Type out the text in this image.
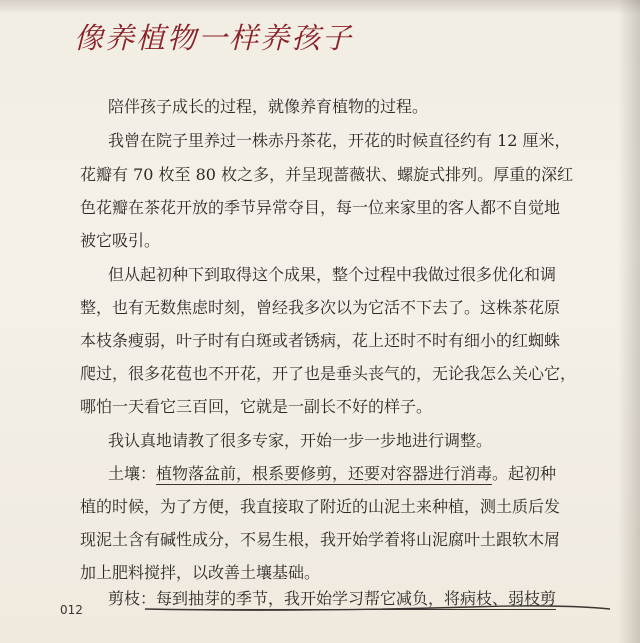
像养植物一样养孩子
陪伴孩子成长的过程，就像养育植物的过程。
我曾在院子里养过一株赤丹茶花，开花的时候直径约有 12 厘米，
花瓣有 70 枚至 80 枚之多，并呈现蔷薇状、螺旋式排列。厚重的深红
色花瓣在茶花开放的季节异常夺目，每一位来家里的客人都不自觉地
被它吸引。
但从起初种下到取得这个成果，整个过程中我做过很多优化和调
整，也有无数焦虑时刻，曾经我多次以为它活不下去了。这株茶花原
本枝条瘦弱，叶子时有白斑或者锈病，花上还时不时有细小的红蜘蛛
爬过，很多花苞也不开花，开了也是垂头丧气的，无论我怎么关心它，
哪怕一天看它三百回，它就是一副长不好的样子。
我认真地请教了很多专家，开始一步一步地进行调整。
土壤：植物落盆前，根系要修剪，还要对容器进行消毒。起初种
植的时候，为了方便，我直接取了附近的山泥土来种植，测土质后发
现泥土含有碱性成分，不易生根，我开始学着将山泥腐叶土跟软木屑
加上肥料搅拌，以改善土壤基础。
剪枝：每到抽芽的季节，我开始学习帮它减负，将病枝、弱枝剪
012
